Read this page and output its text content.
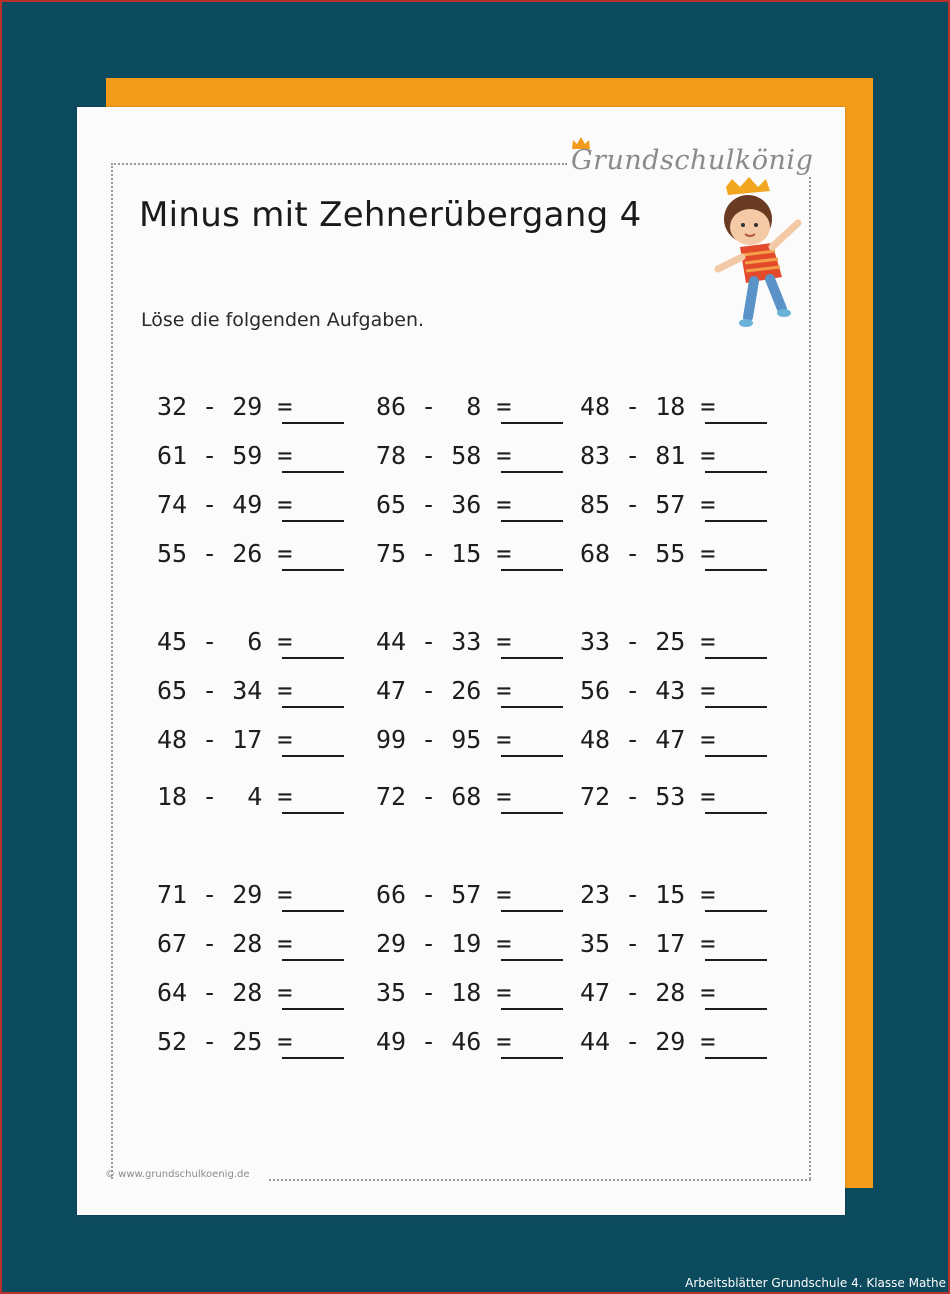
Grundschulkönig
Minus mit Zehnerübergang 4
Löse die folgenden Aufgaben.
32 - 29 =	86 -  8 =	48 - 18 =
61 - 59 =	78 - 58 =	83 - 81 =
74 - 49 =	65 - 36 =	85 - 57 =
55 - 26 =	75 - 15 =	68 - 55 =
45 -  6 =	44 - 33 =	33 - 25 =
65 - 34 =	47 - 26 =	56 - 43 =
48 - 17 =	99 - 95 =	48 - 47 =
18 -  4 =	72 - 68 =	72 - 53 =
71 - 29 =	66 - 57 =	23 - 15 =
67 - 28 =	29 - 19 =	35 - 17 =
64 - 28 =	35 - 18 =	47 - 28 =
52 - 25 =	49 - 46 =	44 - 29 =
© www.grundschulkoenig.de
Arbeitsblätter Grundschule 4. Klasse Mathe
